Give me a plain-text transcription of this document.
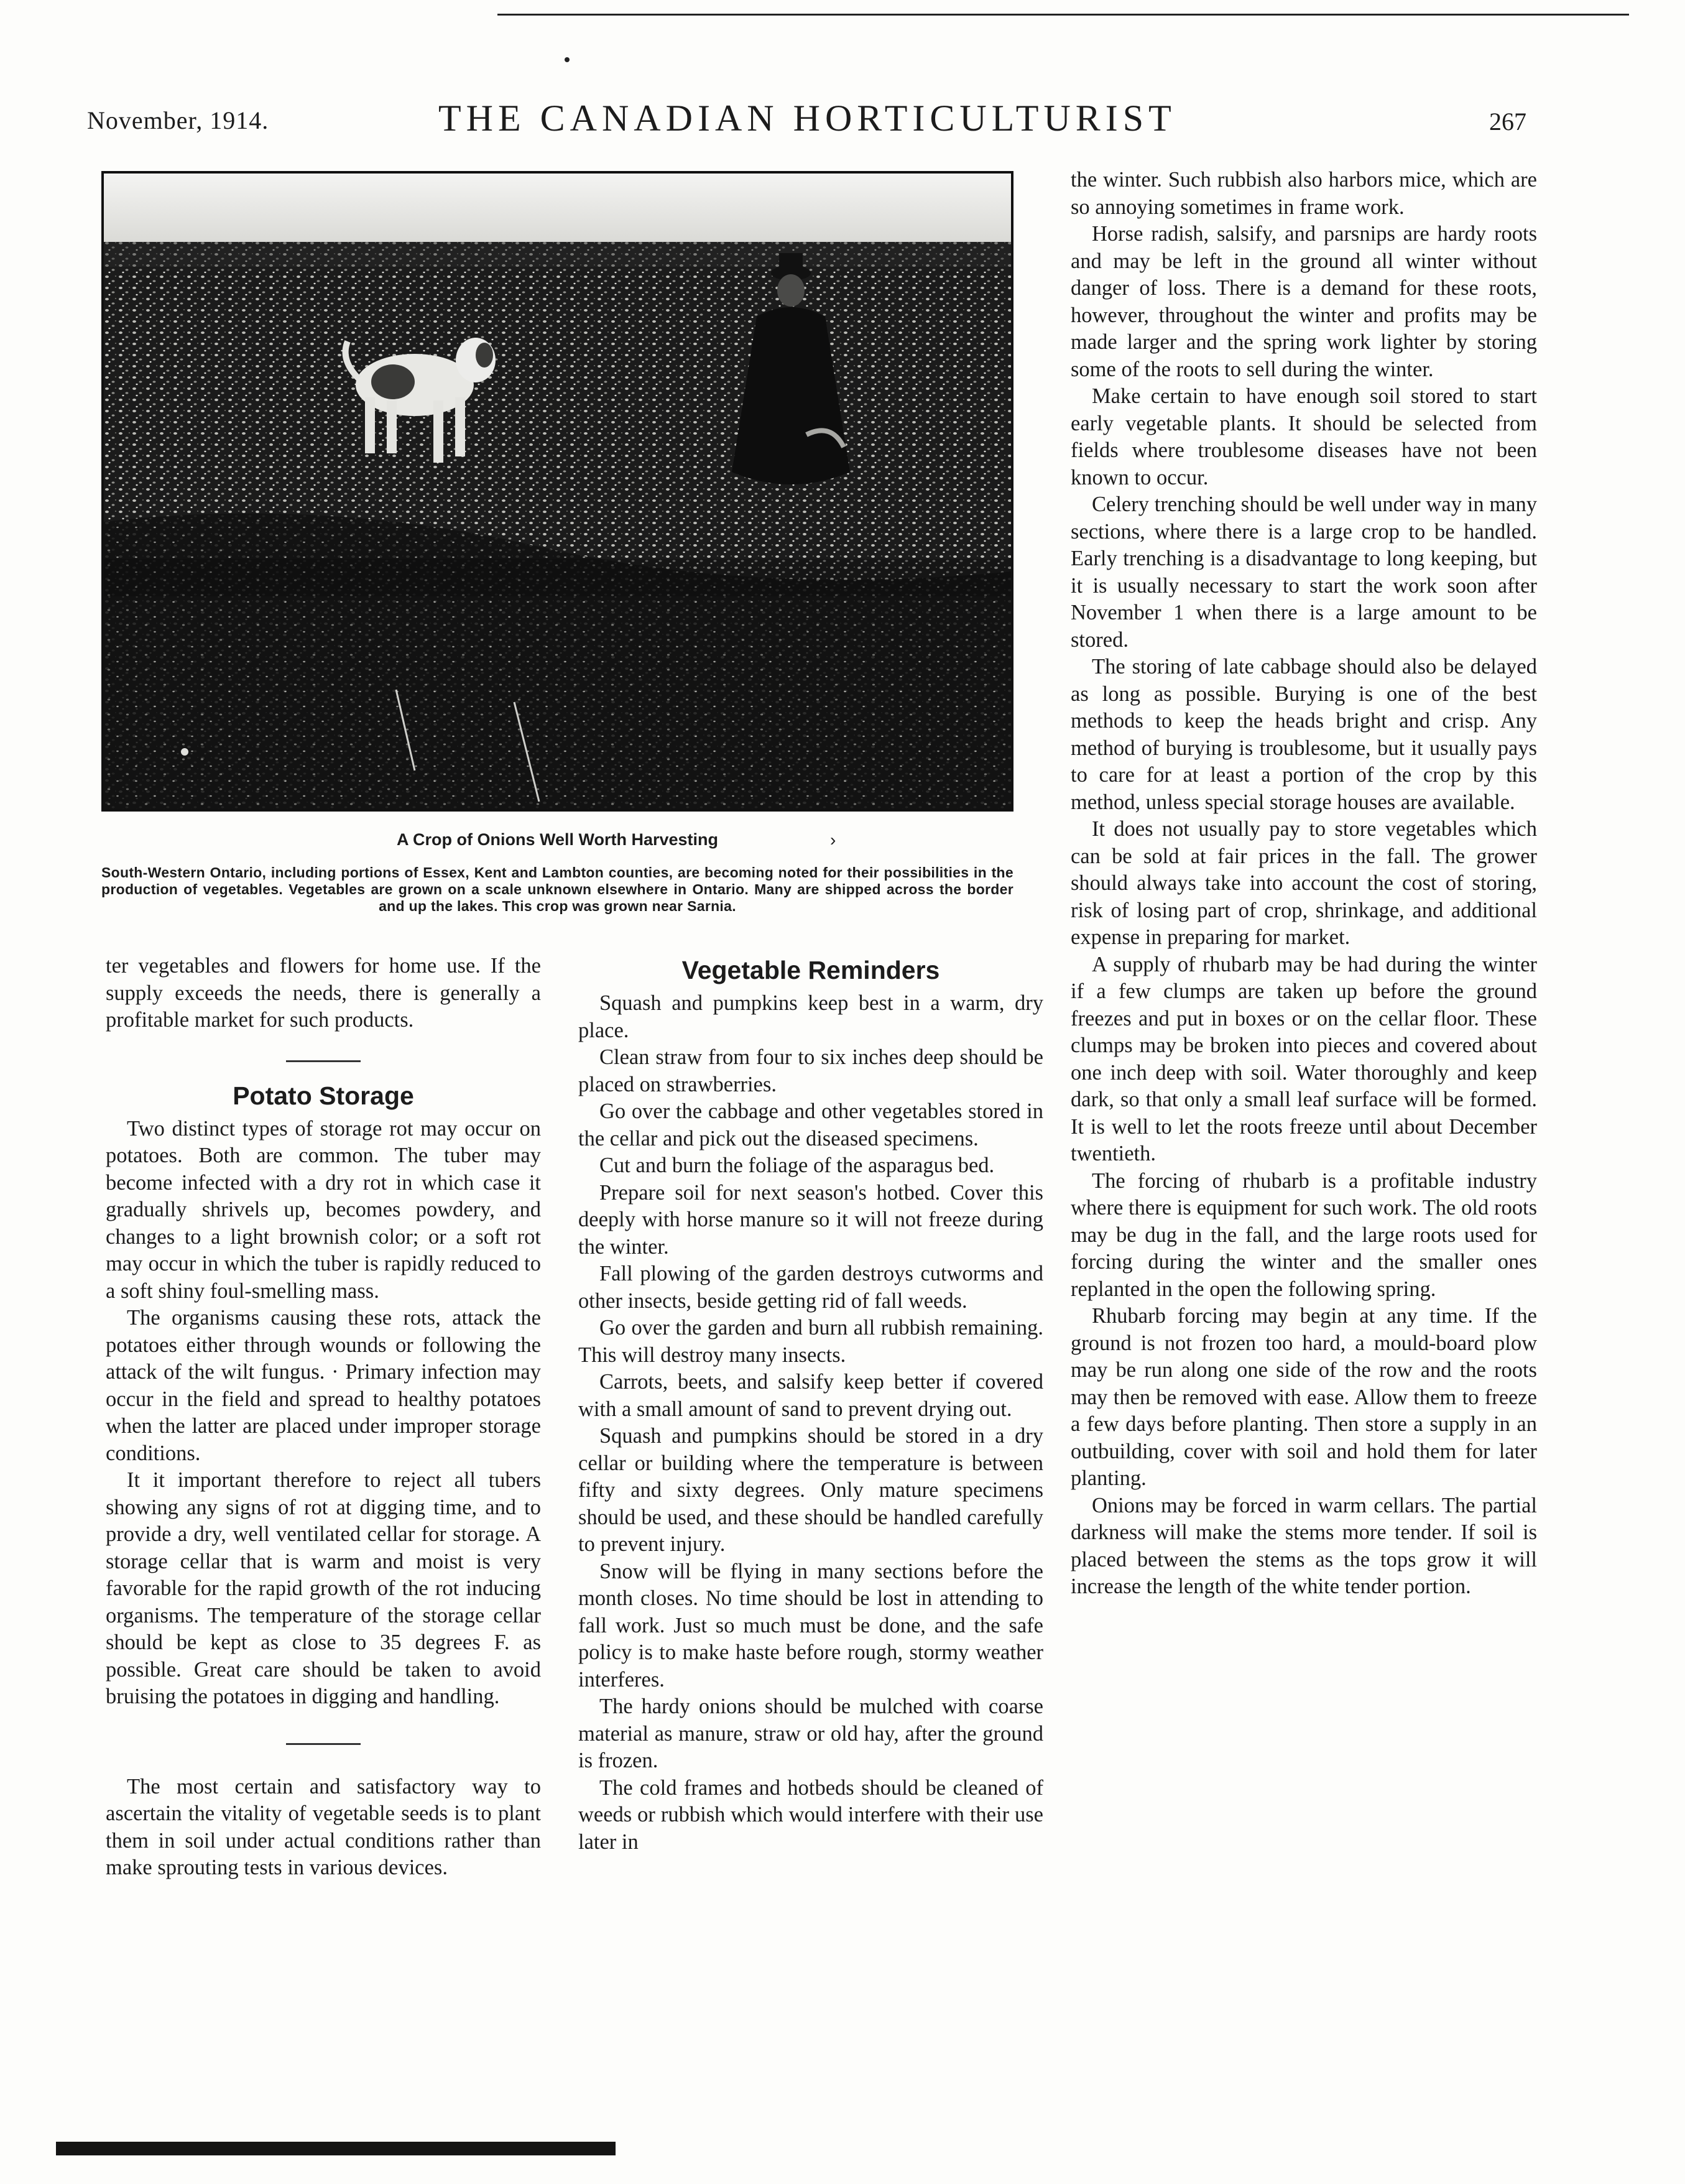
November, 1914.	THE CANADIAN HORTICULTURIST	267
A Crop of Onions Well Worth Harvesting	›
South-Western Ontario, including portions of Essex, Kent and Lambton counties, are becoming noted for their possibilities in the production of vegetables. Vegetables are grown on a scale unknown elsewhere in Ontario. Many are shipped across the border and up the lakes. This crop was grown near Sarnia.

ter vegetables and flowers for home use. If the supply exceeds the needs, there is generally a profitable market for such products.

Potato Storage

Two distinct types of storage rot may occur on potatoes. Both are common. The tuber may become infected with a dry rot in which case it gradually shrivels up, becomes powdery, and changes to a light brownish color; or a soft rot may occur in which the tuber is rapidly reduced to a soft shiny foul-smelling mass.

The organisms causing these rots, attack the potatoes either through wounds or following the attack of the wilt fungus. · Primary infection may occur in the field and spread to healthy potatoes when the latter are placed under improper storage conditions.

It it important therefore to reject all tubers showing any signs of rot at digging time, and to provide a dry, well ventilated cellar for storage. A storage cellar that is warm and moist is very favorable for the rapid growth of the rot inducing organisms. The temperature of the storage cellar should be kept as close to 35 degrees F. as possible. Great care should be taken to avoid bruising the potatoes in digging and handling.

The most certain and satisfactory way to ascertain the vitality of vegetable seeds is to plant them in soil under actual conditions rather than make sprouting tests in various devices.

Vegetable Reminders

Squash and pumpkins keep best in a warm, dry place.

Clean straw from four to six inches deep should be placed on strawberries.

Go over the cabbage and other vegetables stored in the cellar and pick out the diseased specimens.

Cut and burn the foliage of the asparagus bed.

Prepare soil for next season's hotbed. Cover this deeply with horse manure so it will not freeze during the winter.

Fall plowing of the garden destroys cutworms and other insects, beside getting rid of fall weeds.

Go over the garden and burn all rubbish remaining. This will destroy many insects.

Carrots, beets, and salsify keep better if covered with a small amount of sand to prevent drying out.

Squash and pumpkins should be stored in a dry cellar or building where the temperature is between fifty and sixty degrees. Only mature specimens should be used, and these should be handled carefully to prevent injury.

Snow will be flying in many sections before the month closes. No time should be lost in attending to fall work. Just so much must be done, and the safe policy is to make haste before rough, stormy weather interferes.

The hardy onions should be mulched with coarse material as manure, straw or old hay, after the ground is frozen.

The cold frames and hotbeds should be cleaned of weeds or rubbish which would interfere with their use later in

the winter. Such rubbish also harbors mice, which are so annoying sometimes in frame work.

Horse radish, salsify, and parsnips are hardy roots and may be left in the ground all winter without danger of loss. There is a demand for these roots, however, throughout the winter and profits may be made larger and the spring work lighter by storing some of the roots to sell during the winter.

Make certain to have enough soil stored to start early vegetable plants. It should be selected from fields where troublesome diseases have not been known to occur.

Celery trenching should be well under way in many sections, where there is a large crop to be handled. Early trenching is a disadvantage to long keeping, but it is usually necessary to start the work soon after November 1 when there is a large amount to be stored.

The storing of late cabbage should also be delayed as long as possible. Burying is one of the best methods to keep the heads bright and crisp. Any method of burying is troublesome, but it usually pays to care for at least a portion of the crop by this method, unless special storage houses are available.

It does not usually pay to store vegetables which can be sold at fair prices in the fall. The grower should always take into account the cost of storing, risk of losing part of crop, shrinkage, and additional expense in preparing for market.

A supply of rhubarb may be had during the winter if a few clumps are taken up before the ground freezes and put in boxes or on the cellar floor. These clumps may be broken into pieces and covered about one inch deep with soil. Water thoroughly and keep dark, so that only a small leaf surface will be formed. It is well to let the roots freeze until about December twentieth.

The forcing of rhubarb is a profitable industry where there is equipment for such work. The old roots may be dug in the fall, and the large roots used for forcing during the winter and the smaller ones replanted in the open the following spring.

Rhubarb forcing may begin at any time. If the ground is not frozen too hard, a mould-board plow may be run along one side of the row and the roots may then be removed with ease. Allow them to freeze a few days before planting. Then store a supply in an outbuilding, cover with soil and hold them for later planting.

Onions may be forced in warm cellars. The partial darkness will make the stems more tender. If soil is placed between the stems as the tops grow it will increase the length of the white tender portion.
